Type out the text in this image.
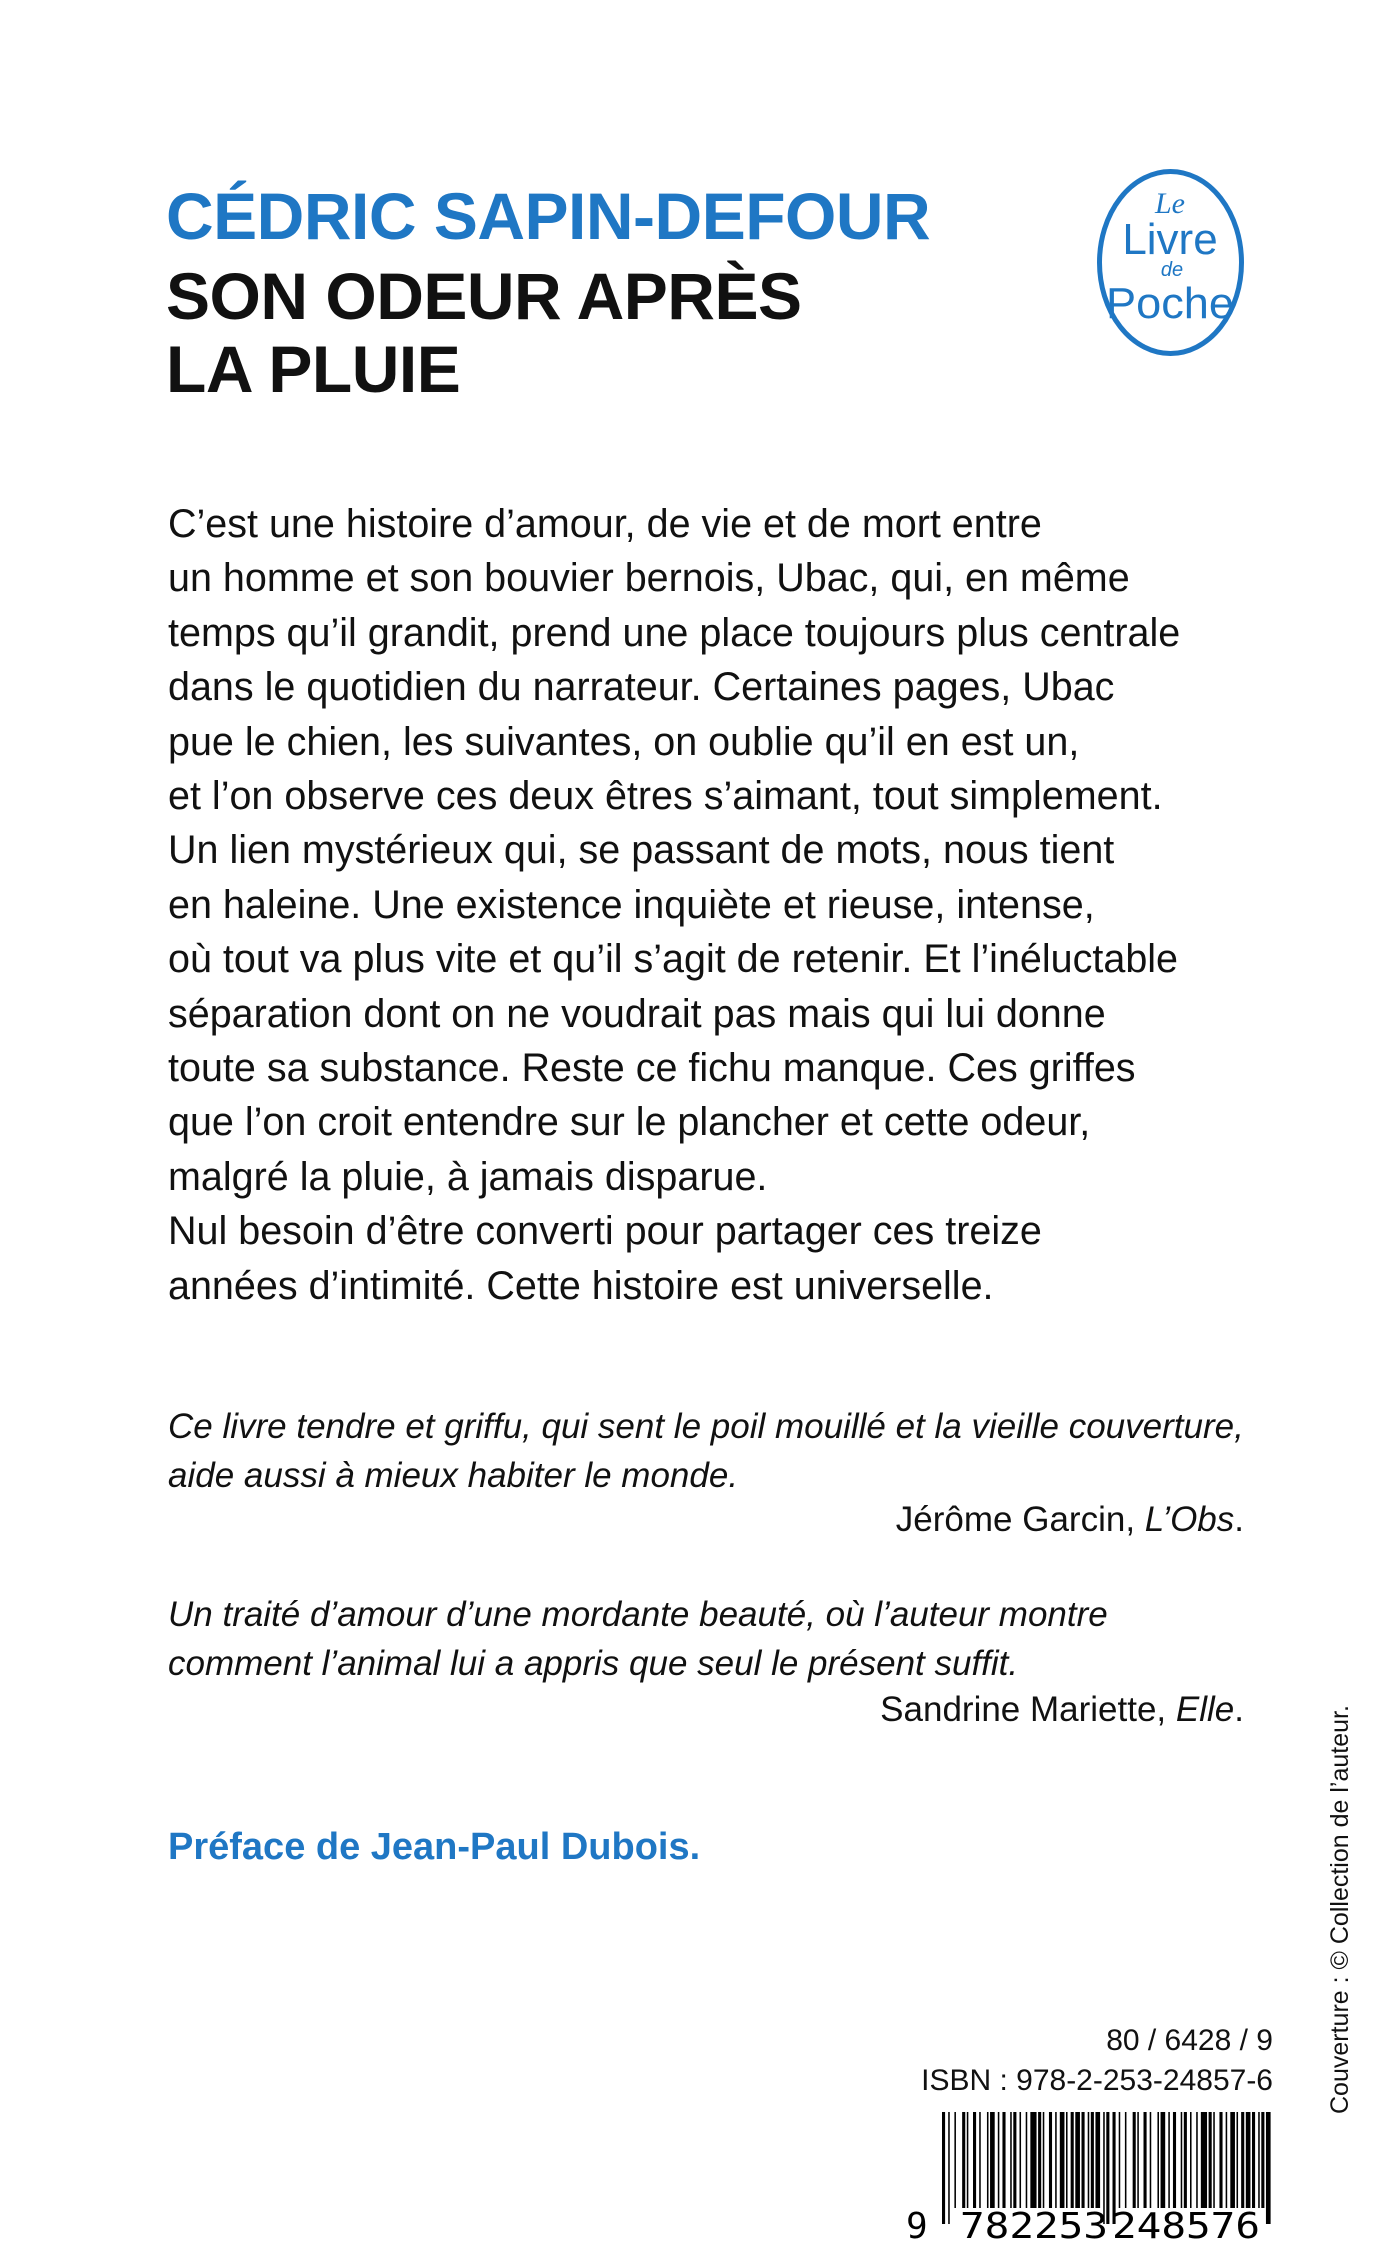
CÉDRIC SAPIN-DEFOUR
SON ODEUR APRÈS
LA PLUIE
Le
Livre
de
Poche
C’est une histoire d’amour, de vie et de mort entre
un homme et son bouvier bernois, Ubac, qui, en même
temps qu’il grandit, prend une place toujours plus centrale
dans le quotidien du narrateur. Certaines pages, Ubac
pue le chien, les suivantes, on oublie qu’il en est un,
et l’on observe ces deux êtres s’aimant, tout simplement.
Un lien mystérieux qui, se passant de mots, nous tient
en haleine. Une existence inquiète et rieuse, intense,
où tout va plus vite et qu’il s’agit de retenir. Et l’inéluctable
séparation dont on ne voudrait pas mais qui lui donne
toute sa substance. Reste ce fichu manque. Ces griffes
que l’on croit entendre sur le plancher et cette odeur,
malgré la pluie, à jamais disparue.
Nul besoin d’être converti pour partager ces treize
années d’intimité. Cette histoire est universelle.
Ce livre tendre et griffu, qui sent le poil mouillé et la vieille couverture,
aide aussi à mieux habiter le monde.
Jérôme Garcin, L’Obs.
Un traité d’amour d’une mordante beauté, où l’auteur montre
comment l’animal lui a appris que seul le présent suffit.
Sandrine Mariette, Elle.
Préface de Jean-Paul Dubois.
80 / 6428 / 9
ISBN : 978-2-253-24857-6
9 782253 248576
Couverture : © Collection de l’auteur.
